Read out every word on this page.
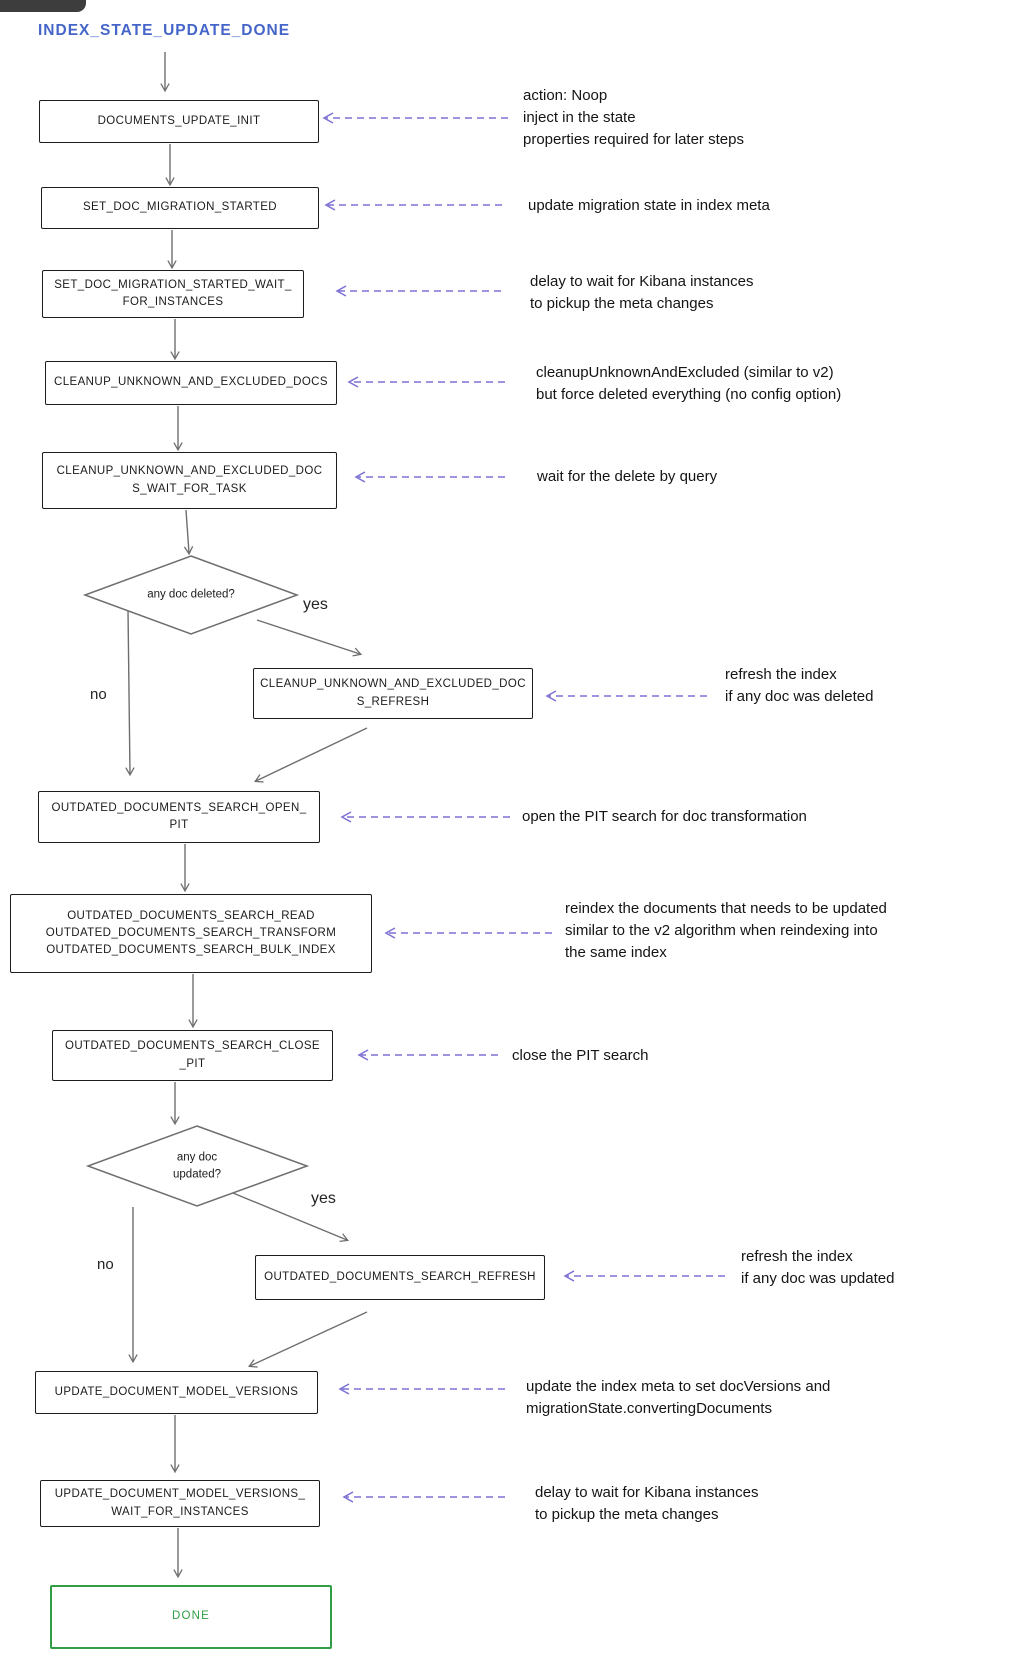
INDEX_STATE_UPDATE_DONE
DOCUMENTS_UPDATE_INIT
SET_DOC_MIGRATION_STARTED
SET_DOC_MIGRATION_STARTED_WAIT_
FOR_INSTANCES
CLEANUP_UNKNOWN_AND_EXCLUDED_DOCS
CLEANUP_UNKNOWN_AND_EXCLUDED_DOC
S_WAIT_FOR_TASK
any doc deleted?
yes
no
CLEANUP_UNKNOWN_AND_EXCLUDED_DOC
S_REFRESH
OUTDATED_DOCUMENTS_SEARCH_OPEN_
PIT
OUTDATED_DOCUMENTS_SEARCH_READ
OUTDATED_DOCUMENTS_SEARCH_TRANSFORM
OUTDATED_DOCUMENTS_SEARCH_BULK_INDEX
OUTDATED_DOCUMENTS_SEARCH_CLOSE
_PIT
any doc
updated?
yes
no
OUTDATED_DOCUMENTS_SEARCH_REFRESH
UPDATE_DOCUMENT_MODEL_VERSIONS
UPDATE_DOCUMENT_MODEL_VERSIONS_
WAIT_FOR_INSTANCES
DONE
action: Noop
inject in the state
properties required for later steps
update migration state in index meta
delay to wait for Kibana instances
to pickup the meta changes
cleanupUnknownAndExcluded (similar to v2)
but force deleted everything (no config option)
wait for the delete by query
refresh the index
if any doc was deleted
open the PIT search for doc transformation
reindex the documents that needs to be updated
similar to the v2 algorithm when reindexing into
the same index
close the PIT search
refresh the index
if any doc was updated
update the index meta to set docVersions and
migrationState.convertingDocuments
delay to wait for Kibana instances
to pickup the meta changes
